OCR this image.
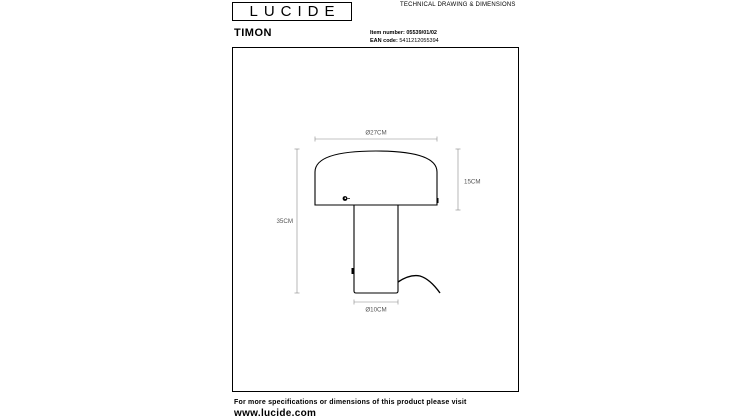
LUCIDE	TECHNICAL DRAWING & DIMENSIONS
TIMON	Item number: 05539/01/02
EAN code: 5411212055394
Ø27CM
35CM
15CM
Ø10CM
For more specifications or dimensions of this product please visit
www.lucide.com
